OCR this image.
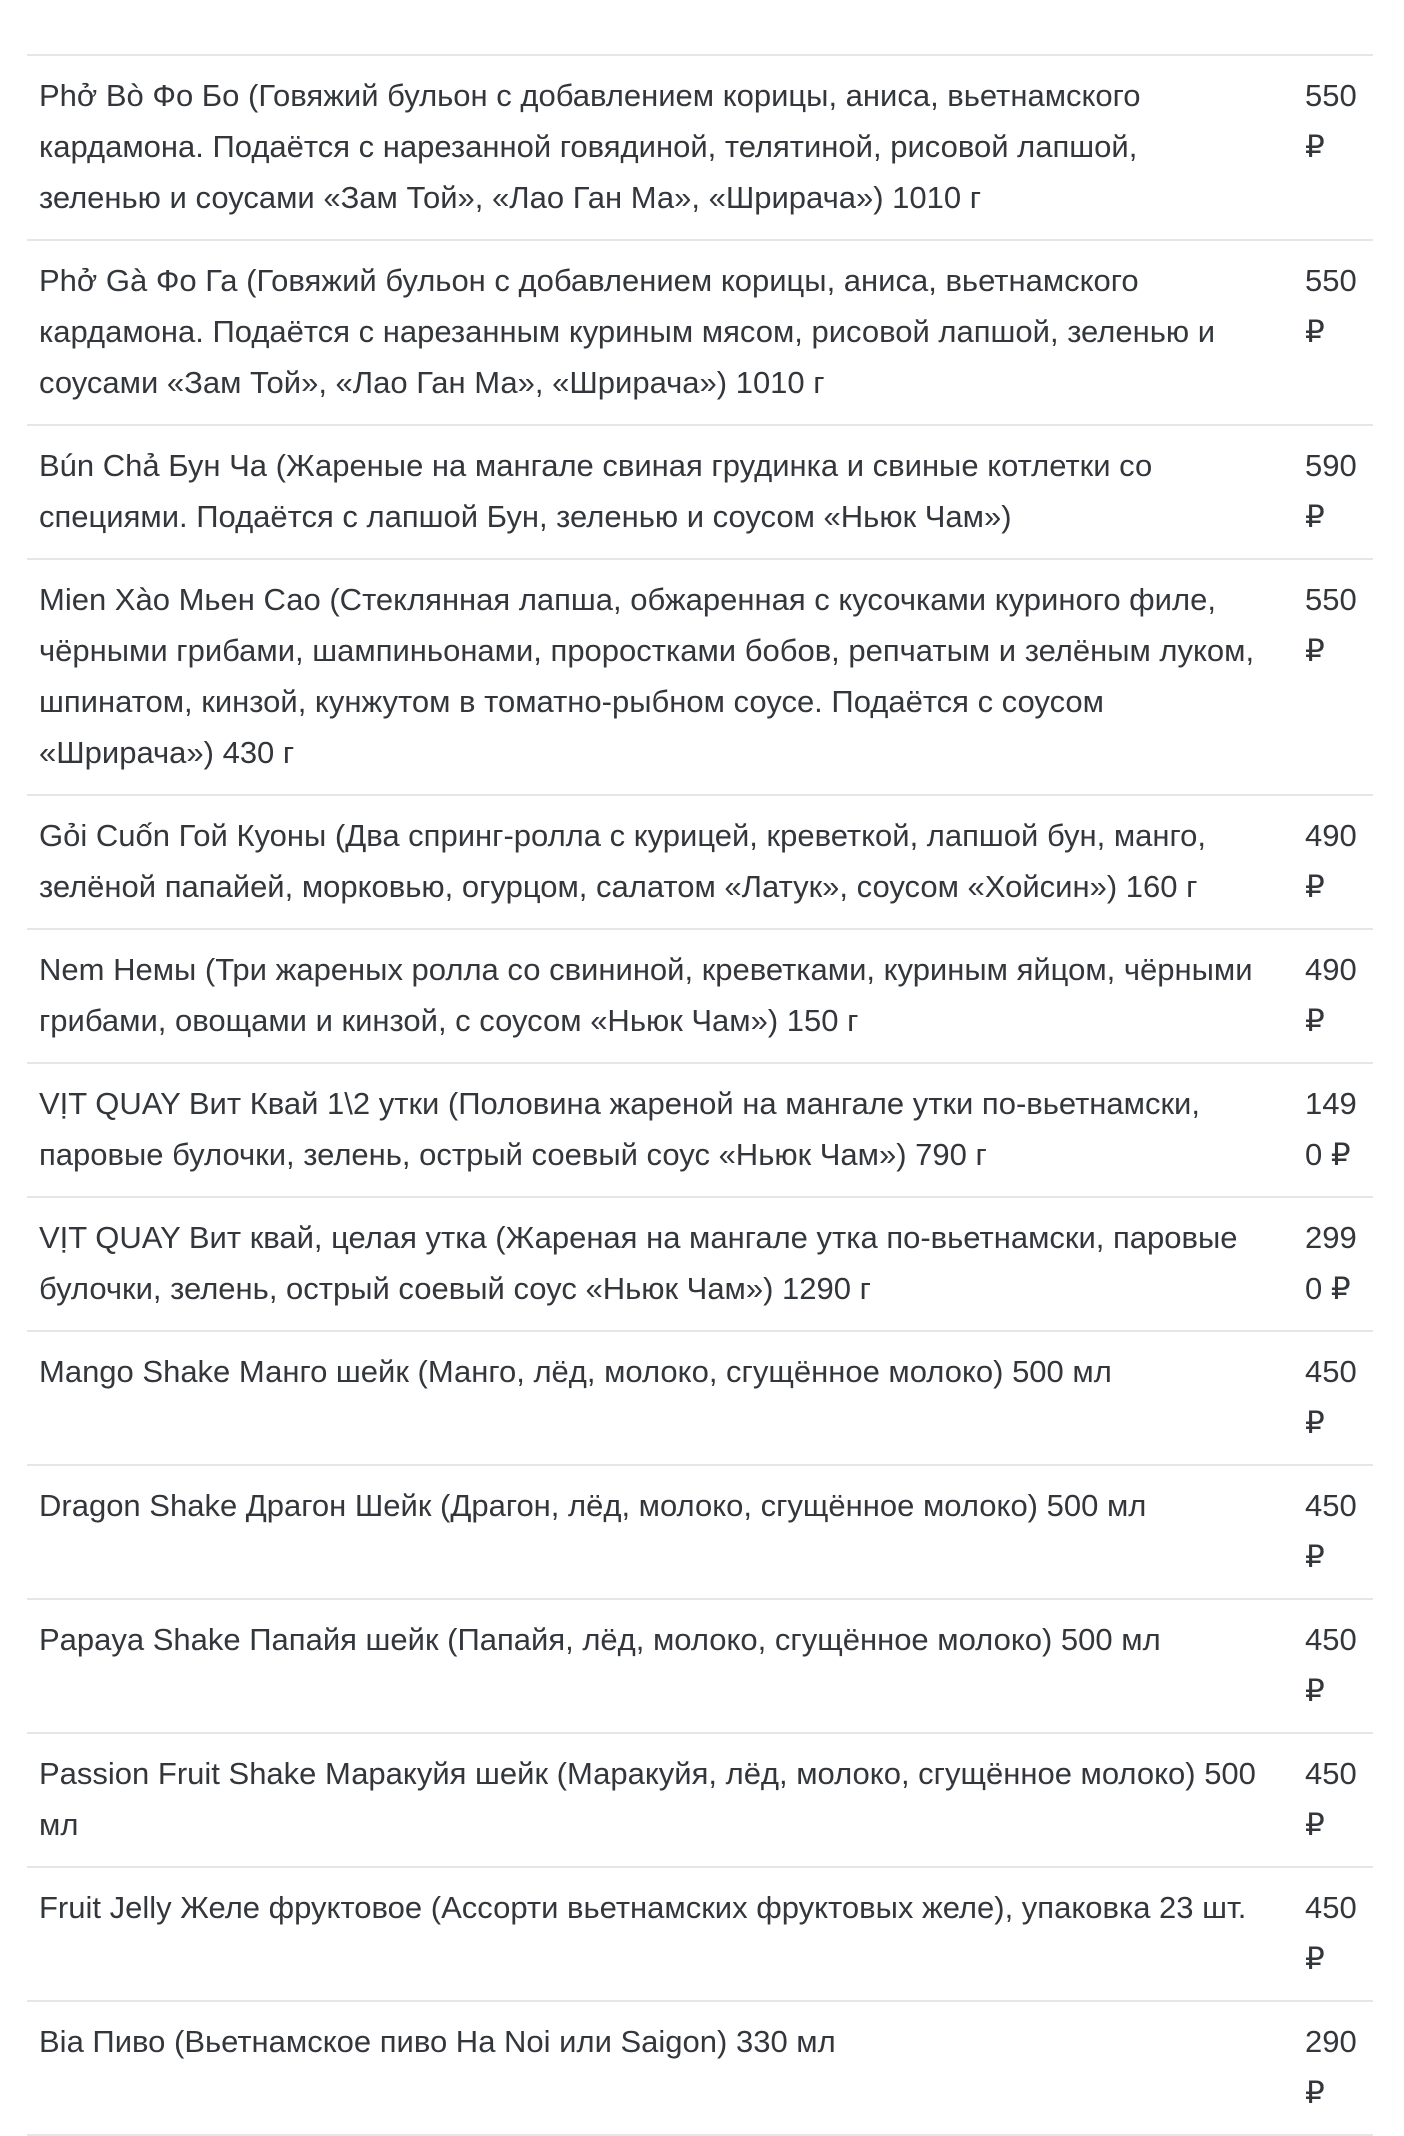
Phở Bò Фо Бо (Говяжий бульон с добавлением корицы, аниса, вьетнамского кардамона. Подаётся с нарезанной говядиной, телятиной, рисовой лапшой, зеленью и соусами «Зам Той», «Лао Ган Ма», «Шрирача») 1010 г	550 ₽
Phở Gà Фо Га (Говяжий бульон с добавлением корицы, аниса, вьетнамского кардамона. Подаётся с нарезанным куриным мясом, рисовой лапшой, зеленью и соусами «Зам Той», «Лао Ган Ма», «Шрирача») 1010 г	550 ₽
Bún Chả Бун Ча (Жареные на мангале свиная грудинка и свиные котлетки со специями. Подаётся с лапшой Бун, зеленью и соусом «Ньюк Чам»)	590 ₽
Mien Xào Мьен Сао (Стеклянная лапша, обжаренная с кусочками куриного филе, чёрными грибами, шампиньонами, проростками бобов, репчатым и зелёным луком, шпинатом, кинзой, кунжутом в томатно-рыбном соусе. Подаётся с соусом «Шрирача») 430 г	550 ₽
Gỏi Cuốn Гой Куоны (Два спринг-ролла с курицей, креветкой, лапшой бун, манго, зелёной папайей, морковью, огурцом, салатом «Латук», соусом «Хойсин») 160 г	490 ₽
Nem Немы (Три жареных ролла со свининой, креветками, куриным яйцом, чёрными грибами, овощами и кинзой, с соусом «Ньюк Чам») 150 г	490 ₽
VỊT QUAY Вит Квай 1\2 утки (Половина жареной на мангале утки по-вьетнамски, паровые булочки, зелень, острый соевый соус «Ньюк Чам») 790 г	1490 ₽
VỊT QUAY Вит квай, целая утка (Жареная на мангале утка по-вьетнамски, паровые булочки, зелень, острый соевый соус «Ньюк Чам») 1290 г	2990 ₽
Mango Shake Манго шейк (Манго, лёд, молоко, сгущённое молоко) 500 мл	450 ₽
Dragon Shake Драгон Шейк (Драгон, лёд, молоко, сгущённое молоко) 500 мл	450 ₽
Papaya Shake Папайя шейк (Папайя, лёд, молоко, сгущённое молоко) 500 мл	450 ₽
Passion Fruit Shake Маракуйя шейк (Маракуйя, лёд, молоко, сгущённое молоко) 500 мл	450 ₽
Fruit Jelly Желе фруктовое (Ассорти вьетнамских фруктовых желе), упаковка 23 шт.	450 ₽
Bia Пиво (Вьетнамское пиво Ha Noi или Saigon) 330 мл	290 ₽
